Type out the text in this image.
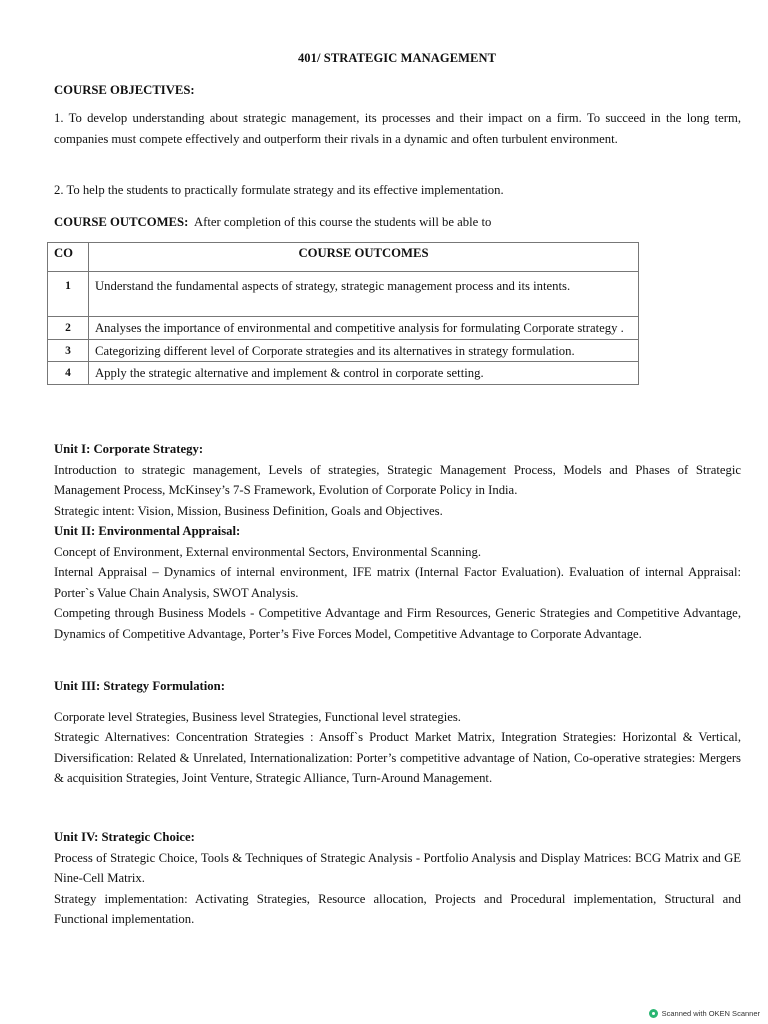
401/ STRATEGIC MANAGEMENT
COURSE OBJECTIVES:
1. To develop understanding about strategic management, its processes and their impact on a firm. To succeed in the long term, companies must compete effectively and outperform their rivals in a dynamic and often turbulent environment.
2. To help the students to practically formulate strategy and its effective implementation.
COURSE OUTCOMES: After completion of this course the students will be able to
CO	COURSE OUTCOMES
1	Understand the fundamental aspects of strategy, strategic management process and its intents.
2	Analyses the importance of environmental and competitive analysis for formulating Corporate strategy .
3	Categorizing different level of Corporate strategies and its alternatives in strategy formulation.
4	Apply the strategic alternative and implement & control in corporate setting.
Unit I: Corporate Strategy:
Introduction to strategic management, Levels of strategies, Strategic Management Process, Models and Phases of Strategic Management Process, McKinsey’s 7-S Framework, Evolution of Corporate Policy in India.
Strategic intent: Vision, Mission, Business Definition, Goals and Objectives.
Unit II: Environmental Appraisal:
Concept of Environment, External environmental Sectors, Environmental Scanning.
Internal Appraisal – Dynamics of internal environment, IFE matrix (Internal Factor Evaluation). Evaluation of internal Appraisal: Porter`s Value Chain Analysis, SWOT Analysis.
Competing through Business Models - Competitive Advantage and Firm Resources, Generic Strategies and Competitive Advantage, Dynamics of Competitive Advantage, Porter’s Five Forces Model, Competitive Advantage to Corporate Advantage.
Unit III: Strategy Formulation:
Corporate level Strategies, Business level Strategies, Functional level strategies.
Strategic Alternatives: Concentration Strategies : Ansoff`s Product Market Matrix, Integration Strategies: Horizontal & Vertical, Diversification: Related & Unrelated, Internationalization: Porter’s competitive advantage of Nation, Co-operative strategies: Mergers & acquisition Strategies, Joint Venture, Strategic Alliance, Turn-Around Management.
Unit IV: Strategic Choice:
Process of Strategic Choice, Tools & Techniques of Strategic Analysis - Portfolio Analysis and Display Matrices: BCG Matrix and GE Nine-Cell Matrix.
Strategy implementation: Activating Strategies, Resource allocation, Projects and Procedural implementation, Structural and Functional implementation.
Scanned with OKEN Scanner
